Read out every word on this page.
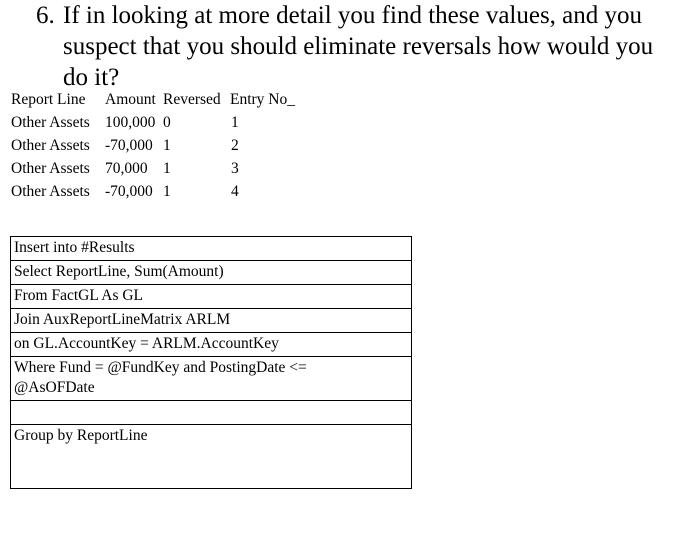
6. If in looking at more detail you find these values, and you
suspect that you should eliminate reversals how would you
do it?
Report Line Amount Reversed Entry No_
Other Assets 100,000 0	1
Other Assets -70,000 1	2
Other Assets 70,000 1	3
Other Assets -70,000 1	4
Insert into #Results
Select ReportLine, Sum(Amount)
From FactGL As GL
Join AuxReportLineMatrix ARLM
on GL.AccountKey = ARLM.AccountKey
Where Fund = @FundKey and PostingDate <=
@AsOFDate
Group by ReportLine
